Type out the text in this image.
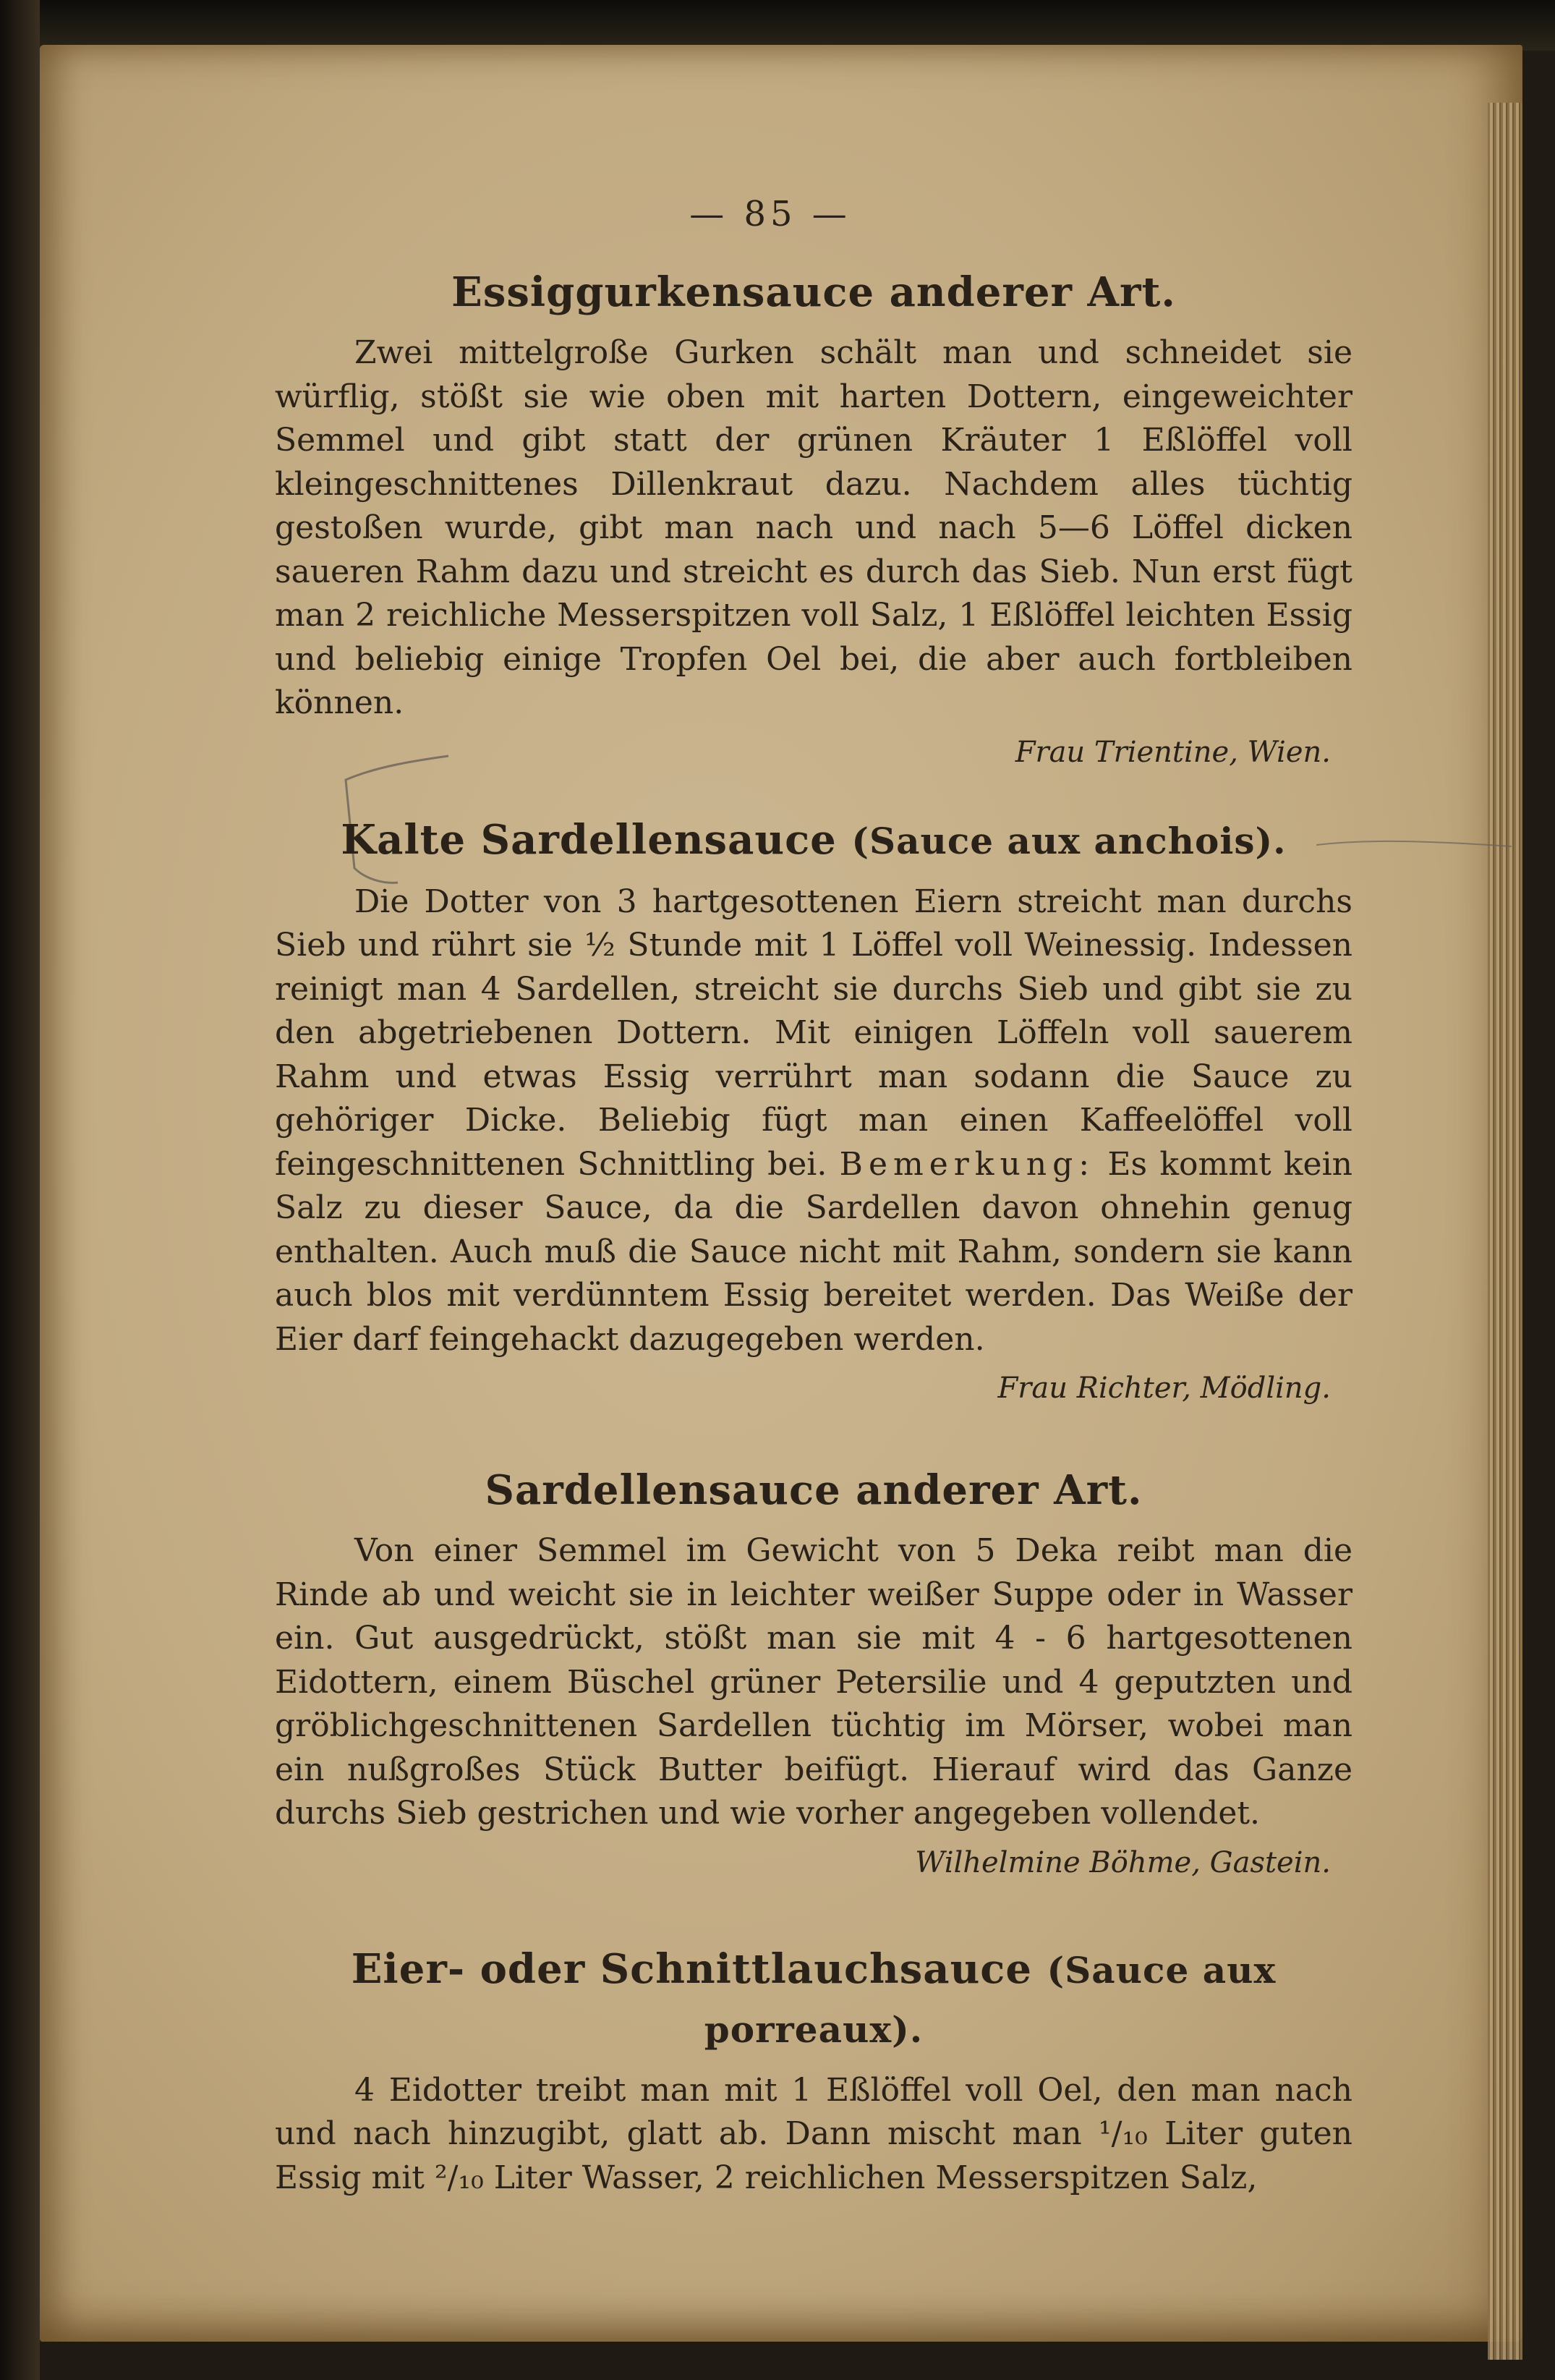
— 85 —
Essiggurkensauce anderer Art.

Zwei mittelgroße Gurken schält man und schneidet sie würflig, stößt sie wie oben mit harten Dottern, eingeweichter Semmel und gibt statt der grünen Kräuter 1 Eßlöffel voll kleingeschnittenes Dillenkraut dazu. Nachdem alles tüchtig gestoßen wurde, gibt man nach und nach 5—6 Löffel dicken saueren Rahm dazu und streicht es durch das Sieb. Nun erst fügt man 2 reichliche Messerspitzen voll Salz, 1 Eßlöffel leichten Essig und beliebig einige Tropfen Oel bei, die aber auch fortbleiben können.

Frau Trientine, Wien.
Kalte Sardellensauce (Sauce aux anchois).

Die Dotter von 3 hartgesottenen Eiern streicht man durchs Sieb und rührt sie ½ Stunde mit 1 Löffel voll Weinessig. Indessen reinigt man 4 Sardellen, streicht sie durchs Sieb und gibt sie zu den abgetriebenen Dottern. Mit einigen Löffeln voll sauerem Rahm und etwas Essig verrührt man sodann die Sauce zu gehöriger Dicke. Beliebig fügt man einen Kaffeelöffel voll feingeschnittenen Schnittling bei. Bemerkung: Es kommt kein Salz zu dieser Sauce, da die Sardellen davon ohnehin genug enthalten. Auch muß die Sauce nicht mit Rahm, sondern sie kann auch blos mit verdünntem Essig bereitet werden. Das Weiße der Eier darf feingehackt dazugegeben werden.

Frau Richter, Mödling.
Sardellensauce anderer Art.

Von einer Semmel im Gewicht von 5 Deka reibt man die Rinde ab und weicht sie in leichter weißer Suppe oder in Wasser ein. Gut ausgedrückt, stößt man sie mit 4 - 6 hartgesottenen Eidottern, einem Büschel grüner Petersilie und 4 geputzten und gröblichgeschnittenen Sardellen tüchtig im Mörser, wobei man ein nußgroßes Stück Butter beifügt. Hierauf wird das Ganze durchs Sieb gestrichen und wie vorher angegeben vollendet.

Wilhelmine Böhme, Gastein.
Eier- oder Schnittlauchsauce (Sauce aux porreaux).

4 Eidotter treibt man mit 1 Eßlöffel voll Oel, den man nach und nach hinzugibt, glatt ab. Dann mischt man ¹/₁₀ Liter guten Essig mit ²/₁₀ Liter Wasser, 2 reichlichen Messerspitzen Salz,
